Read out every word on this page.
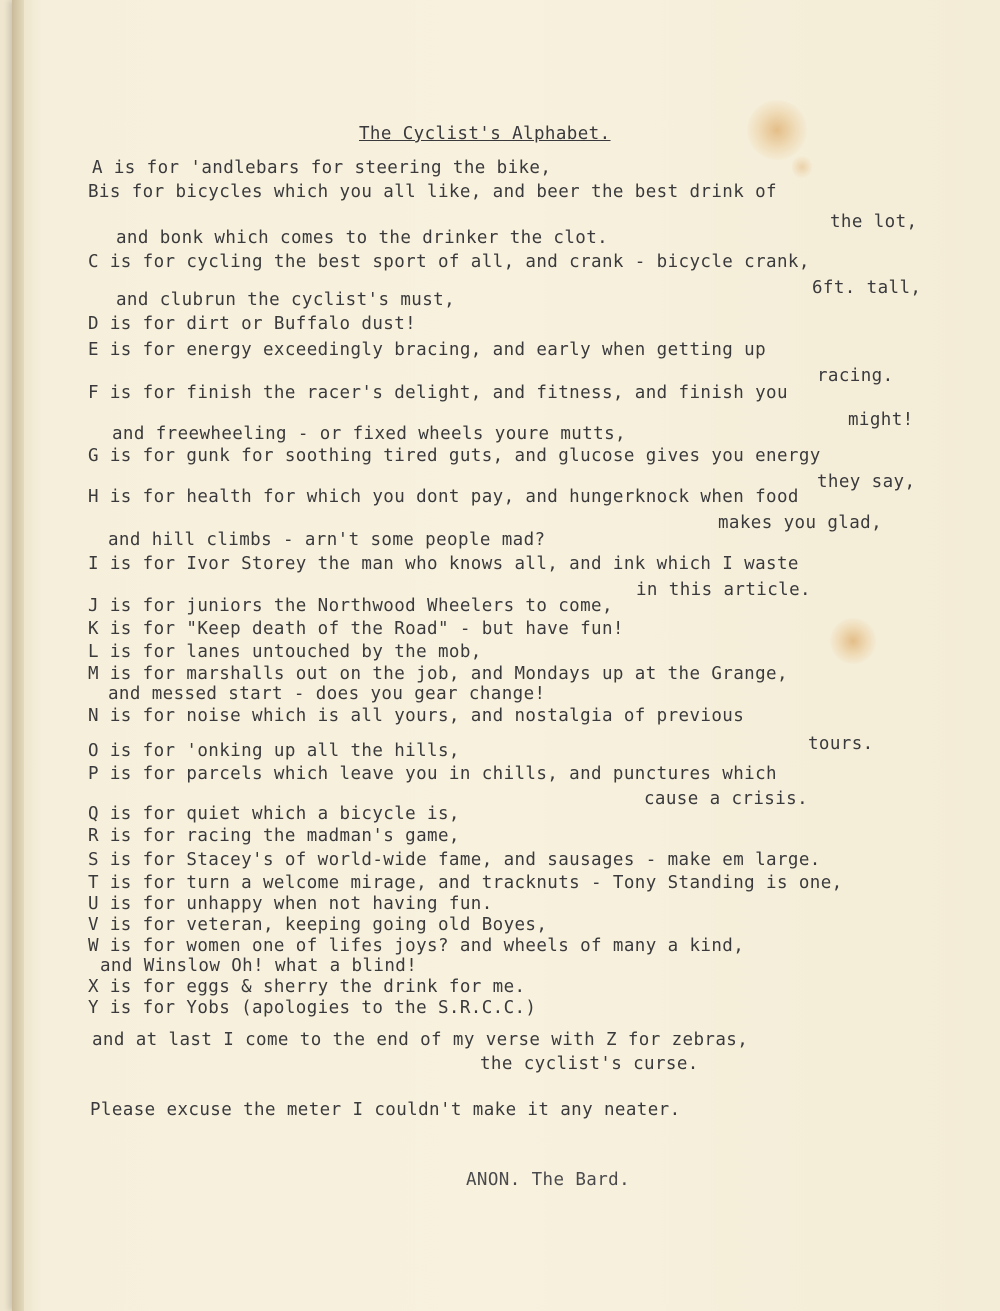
The Cyclist's Alphabet.
A is for 'andlebars for steering the bike,
Bis for bicycles which you all like, and beer the best drink of
the lot,
and bonk which comes to the drinker the clot.
C is for cycling the best sport of all, and crank - bicycle crank,
6ft. tall,
and clubrun the cyclist's must,
D is for dirt or Buffalo dust!
E is for energy exceedingly bracing, and early when getting up
racing.
F is for finish the racer's delight, and fitness, and finish you
might!
and freewheeling - or fixed wheels youre mutts,
G is for gunk for soothing tired guts, and glucose gives you energy
they say,
H is for health for which you dont pay, and hungerknock when food
makes you glad,
and hill climbs - arn't some people mad?
I is for Ivor Storey the man who knows all, and ink which I waste
in this article.
J is for juniors the Northwood Wheelers to come,
K is for "Keep death of the Road" - but have fun!
L is for lanes untouched by the mob,
M is for marshalls out on the job, and Mondays up at the Grange,
and messed start - does you gear change!
N is for noise which is all yours, and nostalgia of previous
tours.
O is for 'onking up all the hills,
P is for parcels which leave you in chills, and punctures which
cause a crisis.
Q is for quiet which a bicycle is,
R is for racing the madman's game,
S is for Stacey's of world-wide fame, and sausages - make em large.
T is for turn a welcome mirage, and tracknuts - Tony Standing is one,
U is for unhappy when not having fun.
V is for veteran, keeping going old Boyes,
W is for women one of lifes joys? and wheels of many a kind,
and Winslow Oh! what a blind!
X is for eggs & sherry the drink for me.
Y is for Yobs (apologies to the S.R.C.C.)
and at last I come to the end of my verse with Z for zebras,
the cyclist's curse.
Please excuse the meter I couldn't make it any neater.
ANON. The Bard.
